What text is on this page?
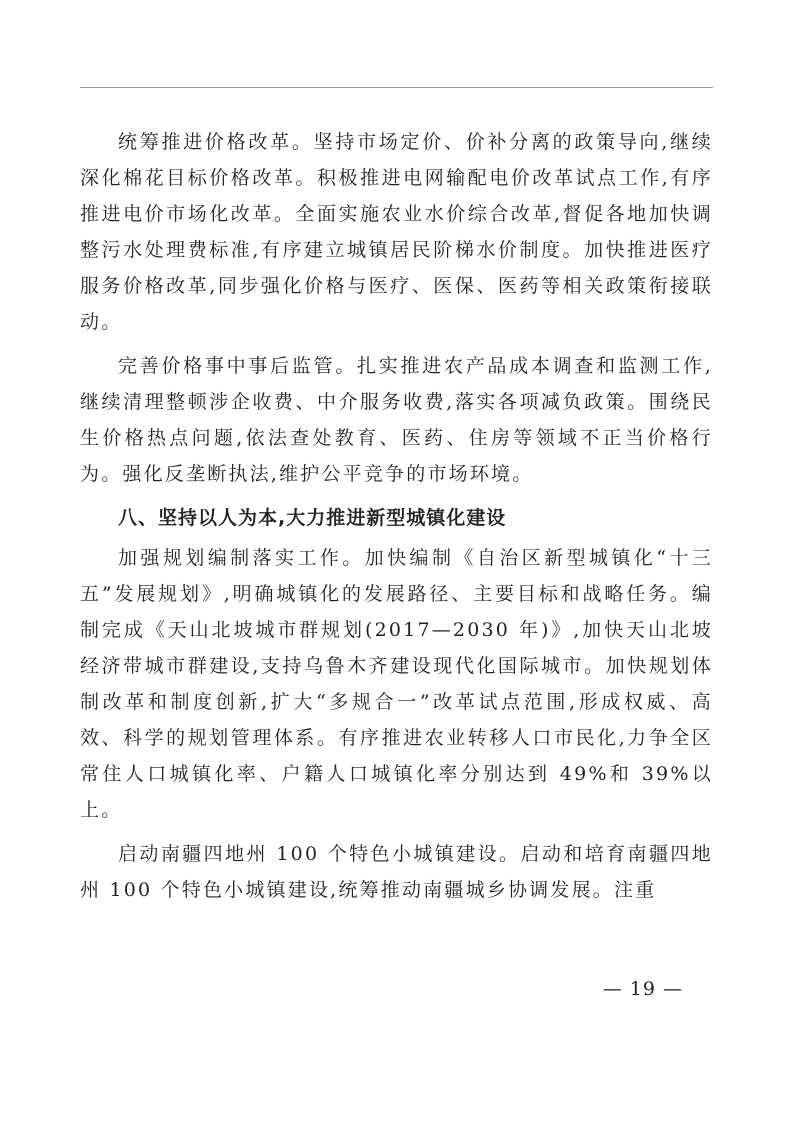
统筹推进价格改革。坚持市场定价、价补分离的政策导向,继续深化棉花目标价格改革。积极推进电网输配电价改革试点工作,有序推进电价市场化改革。全面实施农业水价综合改革,督促各地加快调整污水处理费标准,有序建立城镇居民阶梯水价制度。加快推进医疗服务价格改革,同步强化价格与医疗、医保、医药等相关政策衔接联动。

完善价格事中事后监管。扎实推进农产品成本调查和监测工作,继续清理整顿涉企收费、中介服务收费,落实各项减负政策。围绕民生价格热点问题,依法查处教育、医药、住房等领域不正当价格行为。强化反垄断执法,维护公平竞争的市场环境。

八、坚持以人为本,大力推进新型城镇化建设

加强规划编制落实工作。加快编制《自治区新型城镇化“十三五”发展规划》,明确城镇化的发展路径、主要目标和战略任务。编制完成《天山北坡城市群规划(2017—2030 年)》,加快天山北坡经济带城市群建设,支持乌鲁木齐建设现代化国际城市。加快规划体制改革和制度创新,扩大“多规合一”改革试点范围,形成权威、高效、科学的规划管理体系。有序推进农业转移人口市民化,力争全区常住人口城镇化率、户籍人口城镇化率分别达到 49%和 39%以上。

启动南疆四地州 100 个特色小城镇建设。启动和培育南疆四地州 100 个特色小城镇建设,统筹推动南疆城乡协调发展。注重

— 19 —
